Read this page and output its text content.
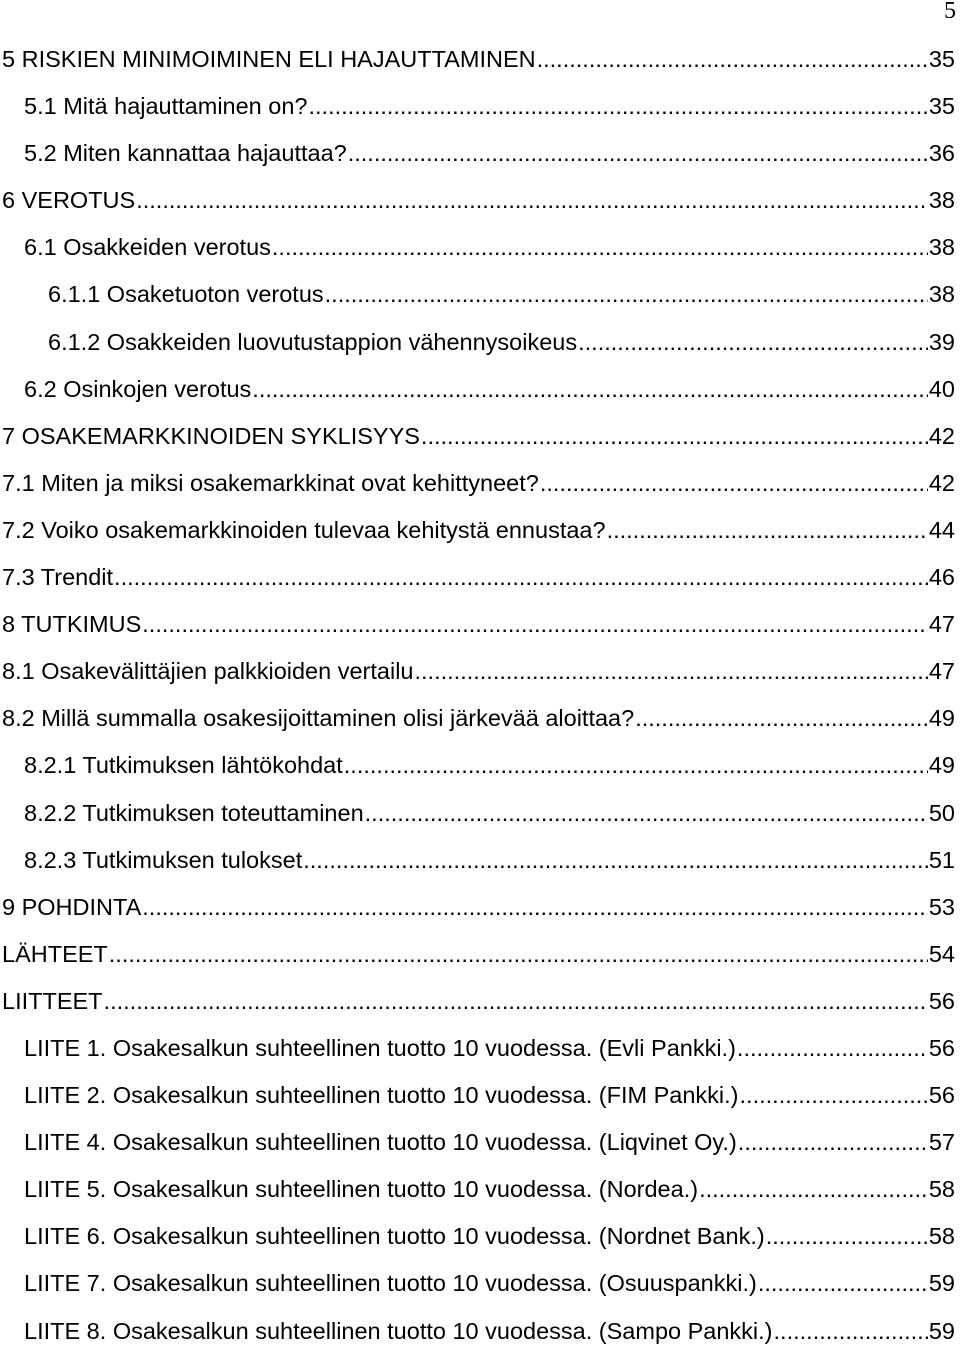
5
5 RISKIEN MINIMOIMINEN ELI HAJAUTTAMINEN .....	35
5.1 Mitä hajauttaminen on? .....	35
5.2 Miten kannattaa hajauttaa? .....	36
6 VEROTUS .....	38
6.1 Osakkeiden verotus .....	38
6.1.1 Osaketuoton verotus .....	38
6.1.2 Osakkeiden luovutustappion vähennysoikeus .....	39
6.2 Osinkojen verotus .....	40
7 OSAKEMARKKINOIDEN SYKLISYYS .....	42
7.1 Miten ja miksi osakemarkkinat ovat kehittyneet? .....	42
7.2 Voiko osakemarkkinoiden tulevaa kehitystä ennustaa? .....	44
7.3 Trendit .....	46
8 TUTKIMUS .....	47
8.1 Osakevälittäjien palkkioiden vertailu .....	47
8.2 Millä summalla osakesijoittaminen olisi järkevää aloittaa? .....	49
8.2.1 Tutkimuksen lähtökohdat .....	49
8.2.2 Tutkimuksen toteuttaminen .....	50
8.2.3 Tutkimuksen tulokset .....	51
9 POHDINTA .....	53
LÄHTEET .....	54
LIITTEET .....	56
LIITE 1. Osakesalkun suhteellinen tuotto 10 vuodessa. (Evli Pankki.) .....	56
LIITE 2. Osakesalkun suhteellinen tuotto 10 vuodessa. (FIM Pankki.) .....	56
LIITE 4. Osakesalkun suhteellinen tuotto 10 vuodessa. (Liqvinet Oy.) .....	57
LIITE 5. Osakesalkun suhteellinen tuotto 10 vuodessa. (Nordea.) .....	58
LIITE 6. Osakesalkun suhteellinen tuotto 10 vuodessa. (Nordnet Bank.) .....	58
LIITE 7. Osakesalkun suhteellinen tuotto 10 vuodessa. (Osuuspankki.) .....	59
LIITE 8. Osakesalkun suhteellinen tuotto 10 vuodessa. (Sampo Pankki.) .....	59
